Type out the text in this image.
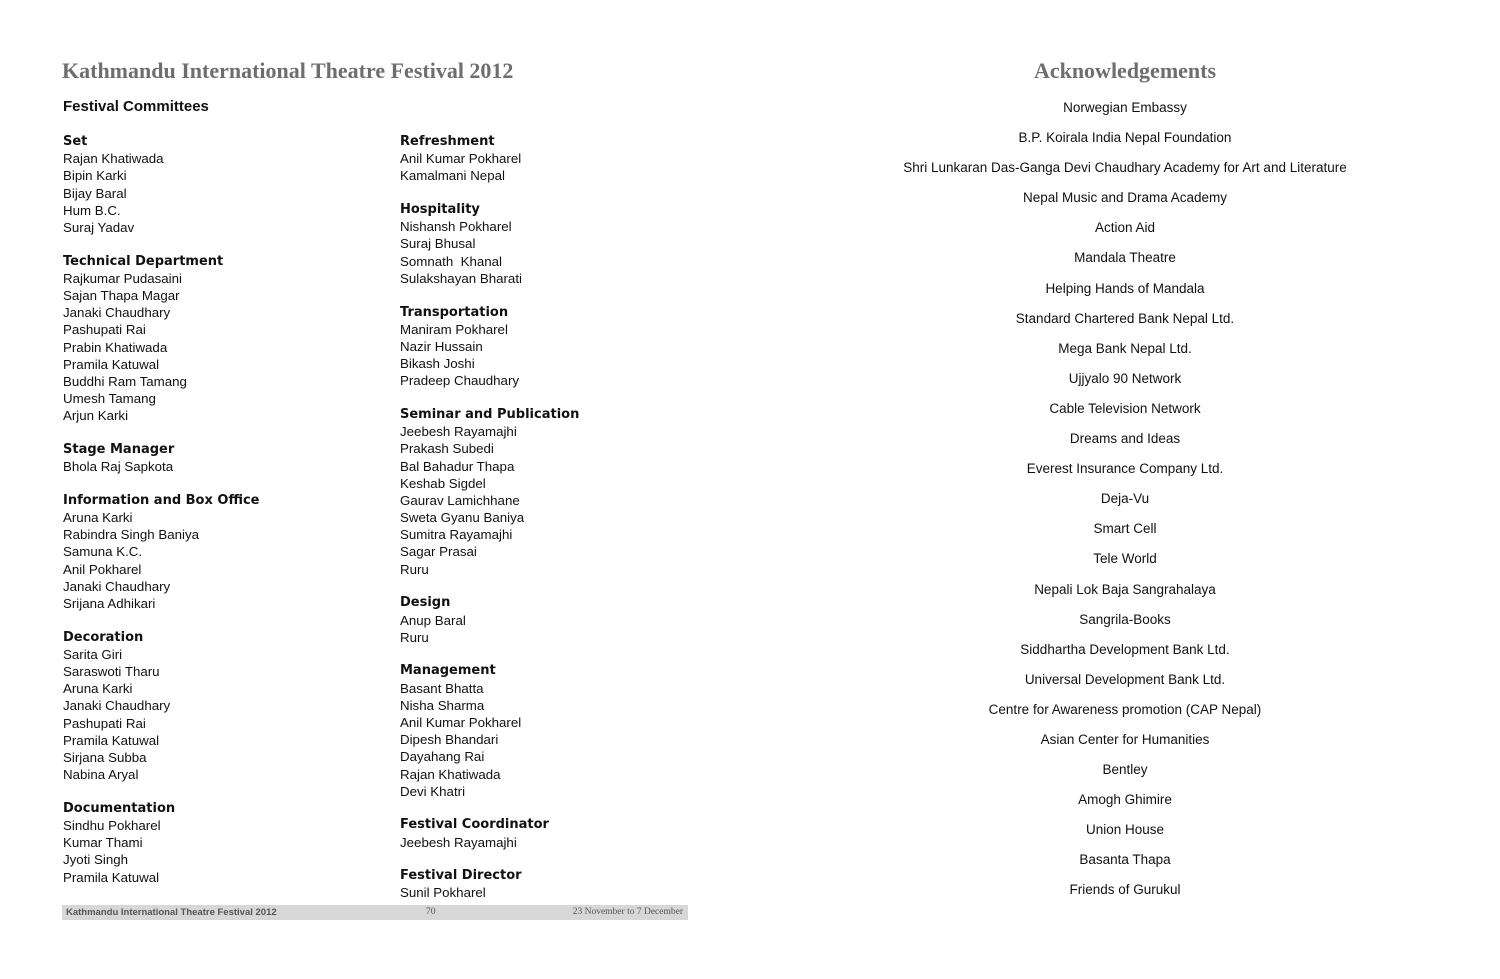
Kathmandu International Theatre Festival 2012
Festival Committees
Set
Rajan Khatiwada
Bipin Karki
Bijay Baral
Hum B.C.
Suraj Yadav
Technical Department
Rajkumar Pudasaini
Sajan Thapa Magar
Janaki Chaudhary
Pashupati Rai
Prabin Khatiwada
Pramila Katuwal
Buddhi Ram Tamang
Umesh Tamang
Arjun Karki
Stage Manager
Bhola Raj Sapkota
Information and Box Office
Aruna Karki
Rabindra Singh Baniya
Samuna K.C.
Anil Pokharel
Janaki Chaudhary
Srijana Adhikari
Decoration
Sarita Giri
Saraswoti Tharu
Aruna Karki
Janaki Chaudhary
Pashupati Rai
Pramila Katuwal
Sirjana Subba
Nabina Aryal
Documentation
Sindhu Pokharel
Kumar Thami
Jyoti Singh
Pramila Katuwal
Refreshment
Anil Kumar Pokharel
Kamalmani Nepal
Hospitality
Nishansh Pokharel
Suraj Bhusal
Somnath  Khanal
Sulakshayan Bharati
Transportation
Maniram Pokharel
Nazir Hussain
Bikash Joshi
Pradeep Chaudhary
Seminar and Publication
Jeebesh Rayamajhi
Prakash Subedi
Bal Bahadur Thapa
Keshab Sigdel
Gaurav Lamichhane
Sweta Gyanu Baniya
Sumitra Rayamajhi
Sagar Prasai
Ruru
Design
Anup Baral
Ruru
Management
Basant Bhatta
Nisha Sharma
Anil Kumar Pokharel
Dipesh Bhandari
Dayahang Rai
Rajan Khatiwada
Devi Khatri
Festival Coordinator
Jeebesh Rayamajhi
Festival Director
Sunil Pokharel
Kathmandu International Theatre Festival 2012	70	23 November to 7 December
Acknowledgements
Norwegian Embassy
B.P. Koirala India Nepal Foundation
Shri Lunkaran Das-Ganga Devi Chaudhary Academy for Art and Literature
Nepal Music and Drama Academy
Action Aid
Mandala Theatre
Helping Hands of Mandala
Standard Chartered Bank Nepal Ltd.
Mega Bank Nepal Ltd.
Ujjyalo 90 Network
Cable Television Network
Dreams and Ideas
Everest Insurance Company Ltd.
Deja-Vu
Smart Cell
Tele World
Nepali Lok Baja Sangrahalaya
Sangrila-Books
Siddhartha Development Bank Ltd.
Universal Development Bank Ltd.
Centre for Awareness promotion (CAP Nepal)
Asian Center for Humanities
Bentley
Amogh Ghimire
Union House
Basanta Thapa
Friends of Gurukul
